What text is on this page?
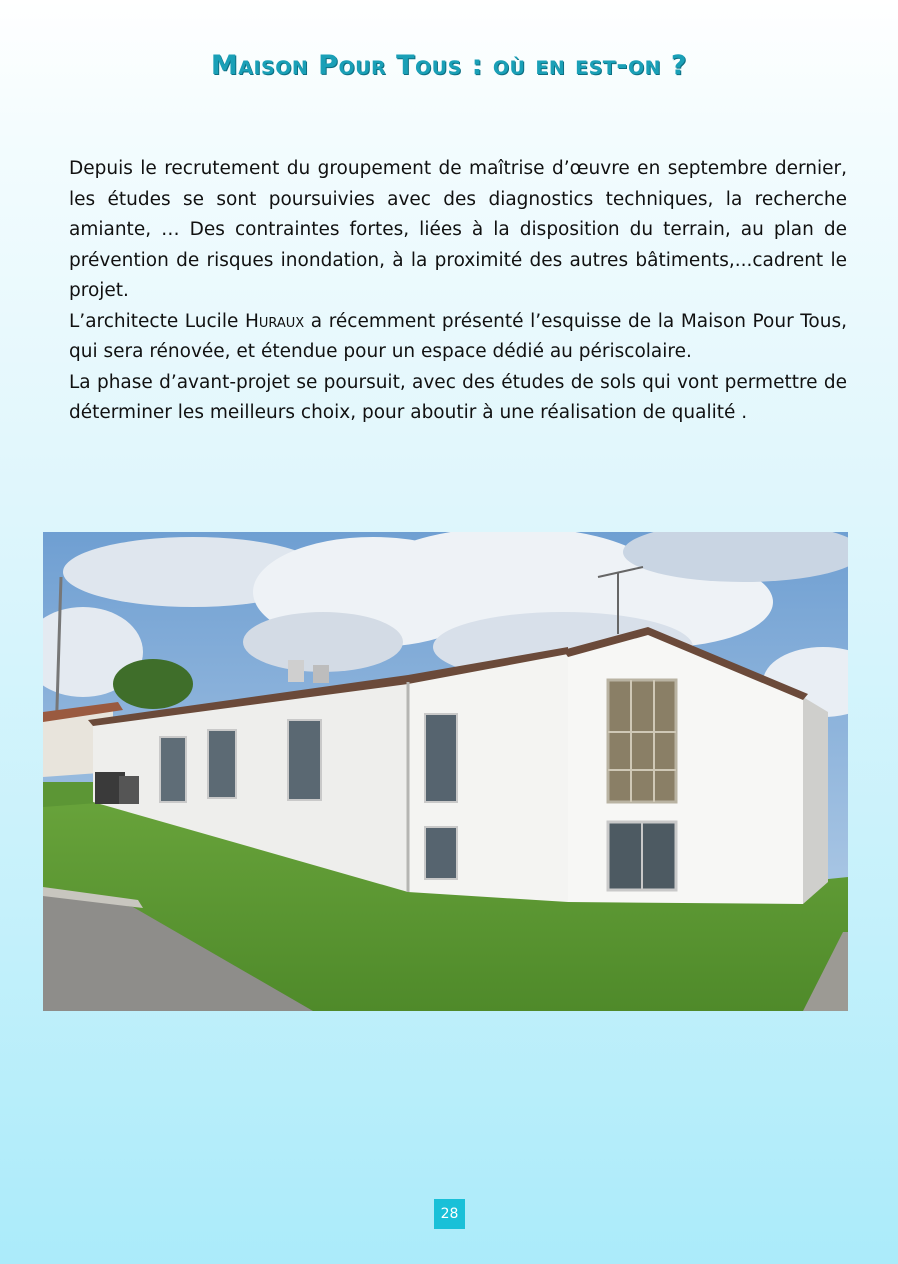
Maison Pour Tous : où en est-on ?

Depuis le recrutement du groupement de maîtrise d’œuvre en septembre dernier, les études se sont poursuivies avec des diagnostics techniques, la recherche amiante, … Des contraintes fortes, liées à la disposition du terrain, au plan de prévention de risques inondation, à la proximité des autres bâtiments,...cadrent le projet.

L’architecte Lucile Huraux a récemment présenté l’esquisse de la Maison Pour Tous, qui sera rénovée, et étendue pour un espace dédié au périscolaire.

La phase d’avant-projet se poursuit, avec des études de sols qui vont permettre de déterminer les meilleurs choix, pour aboutir à une réalisation de qualité .

28
